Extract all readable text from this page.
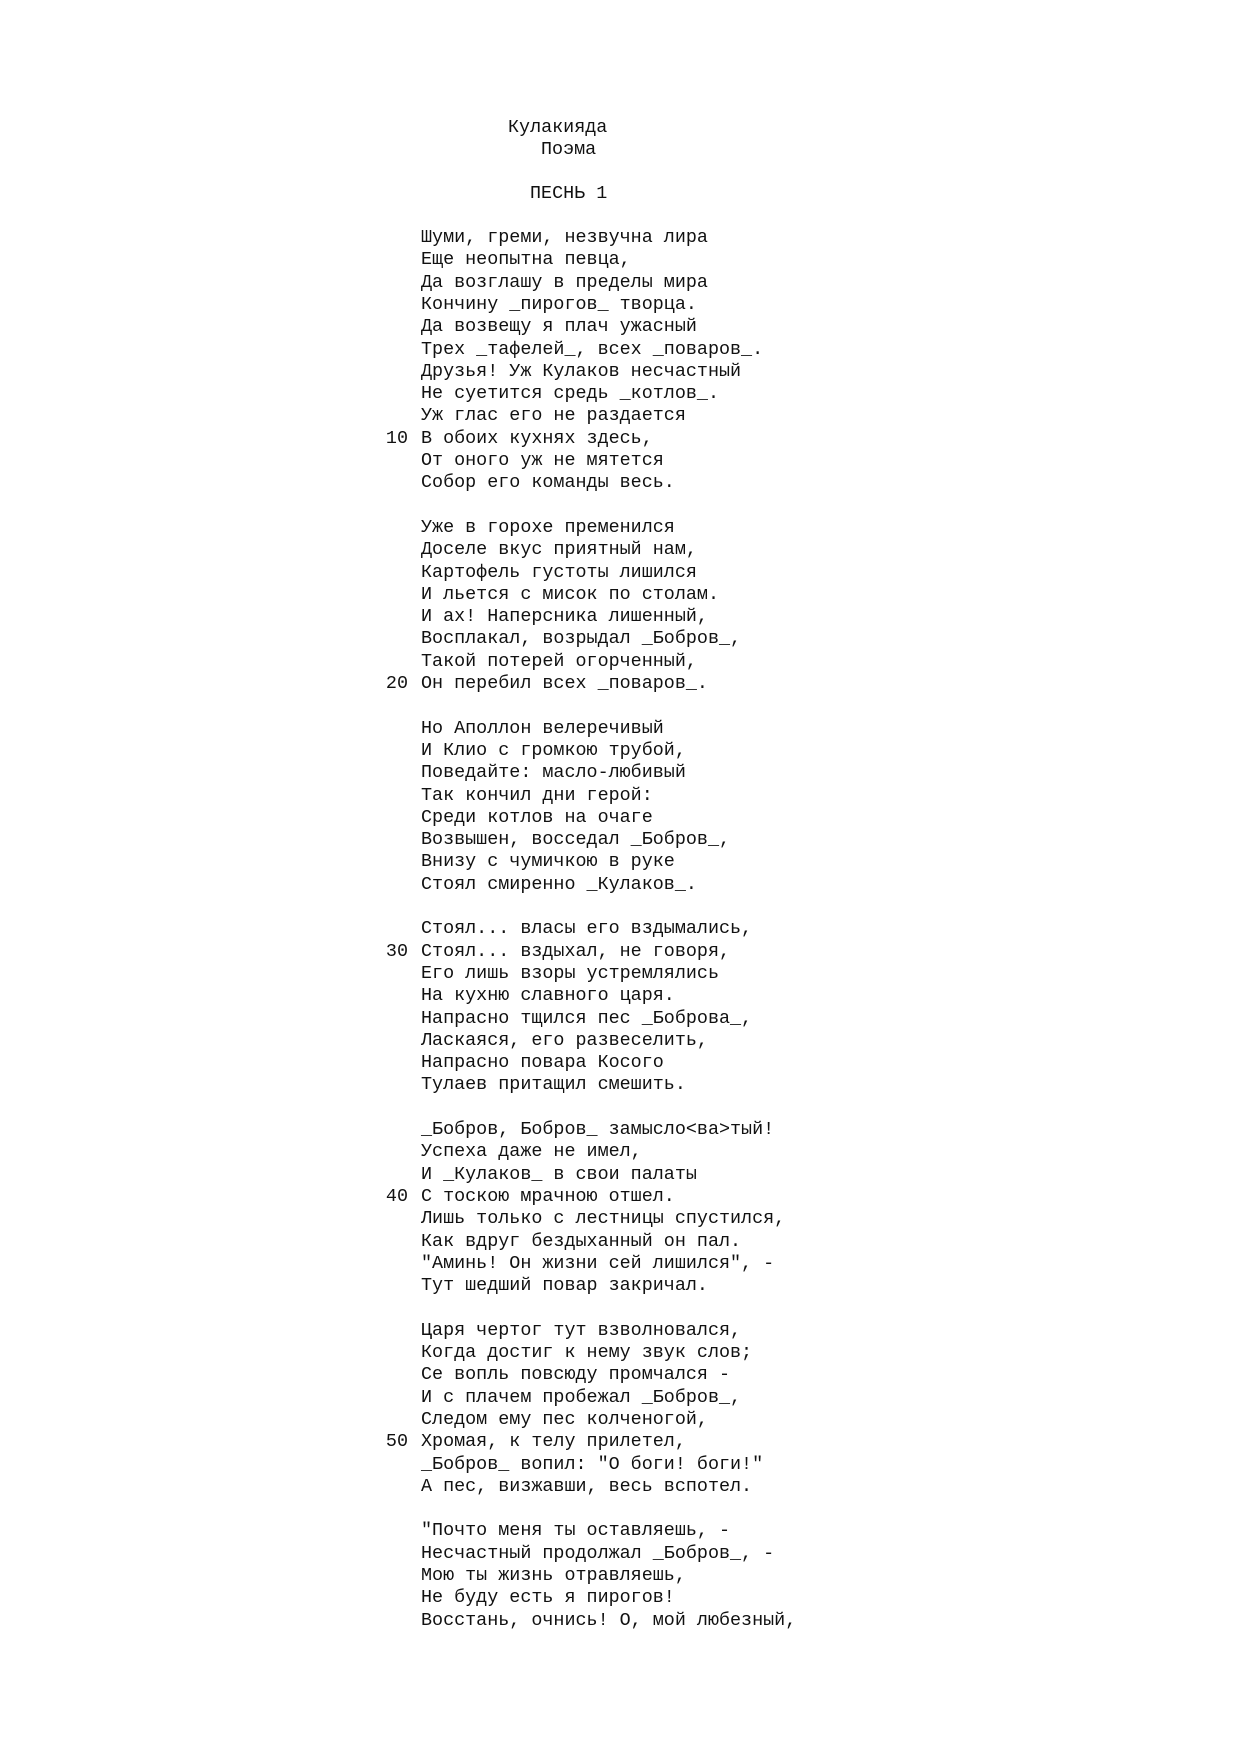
Кулакияда
Поэма
ПЕСНЬ 1
Шуми, греми, незвучна лира
Еще неопытна певца,
Да возглашу в пределы мира
Кончину _пирогов_ творца.
Да возвещу я плач ужасный
Трех _тафелей_, всех _поваров_.
Друзья! Уж Кулаков несчастный
Не суетится средь _котлов_.
Уж глас его не раздается
10 В обоих кухнях здесь,
От оного уж не мятется
Собор его команды весь.
Уже в горохе пременился
Доселе вкус приятный нам,
Картофель густоты лишился
И льется с мисок по столам.
И ах! Наперсника лишенный,
Восплакал, возрыдал _Бобров_,
Такой потерей огорченный,
20 Он перебил всех _поваров_.
Но Аполлон велеречивый
И Клио с громкою трубой,
Поведайте: масло-любивый
Так кончил дни герой:
Среди котлов на очаге
Возвышен, восседал _Бобров_,
Внизу с чумичкою в руке
Стоял смиренно _Кулаков_.
Стоял... власы его вздымались,
30 Стоял... вздыхал, не говоря,
Его лишь взоры устремлялись
На кухню славного царя.
Напрасно тщился пес _Боброва_,
Ласкаяся, его развеселить,
Напрасно повара Косого
Тулаев притащил смешить.
_Бобров, Бобров_ замысло<ва>тый!
Успеха даже не имел,
И _Кулаков_ в свои палаты
40 С тоскою мрачною отшел.
Лишь только с лестницы спустился,
Как вдруг бездыханный он пал.
"Аминь! Он жизни сей лишился", -
Тут шедший повар закричал.
Царя чертог тут взволновался,
Когда достиг к нему звук слов;
Се вопль повсюду промчался -
И с плачем пробежал _Бобров_,
Следом ему пес колченогой,
50 Хромая, к телу прилетел,
_Бобров_ вопил: "О боги! боги!"
А пес, визжавши, весь вспотел.
"Почто меня ты оставляешь, -
Несчастный продолжал _Бобров_, -
Мою ты жизнь отравляешь,
Не буду есть я пирогов!
Восстань, очнись! О, мой любезный,
